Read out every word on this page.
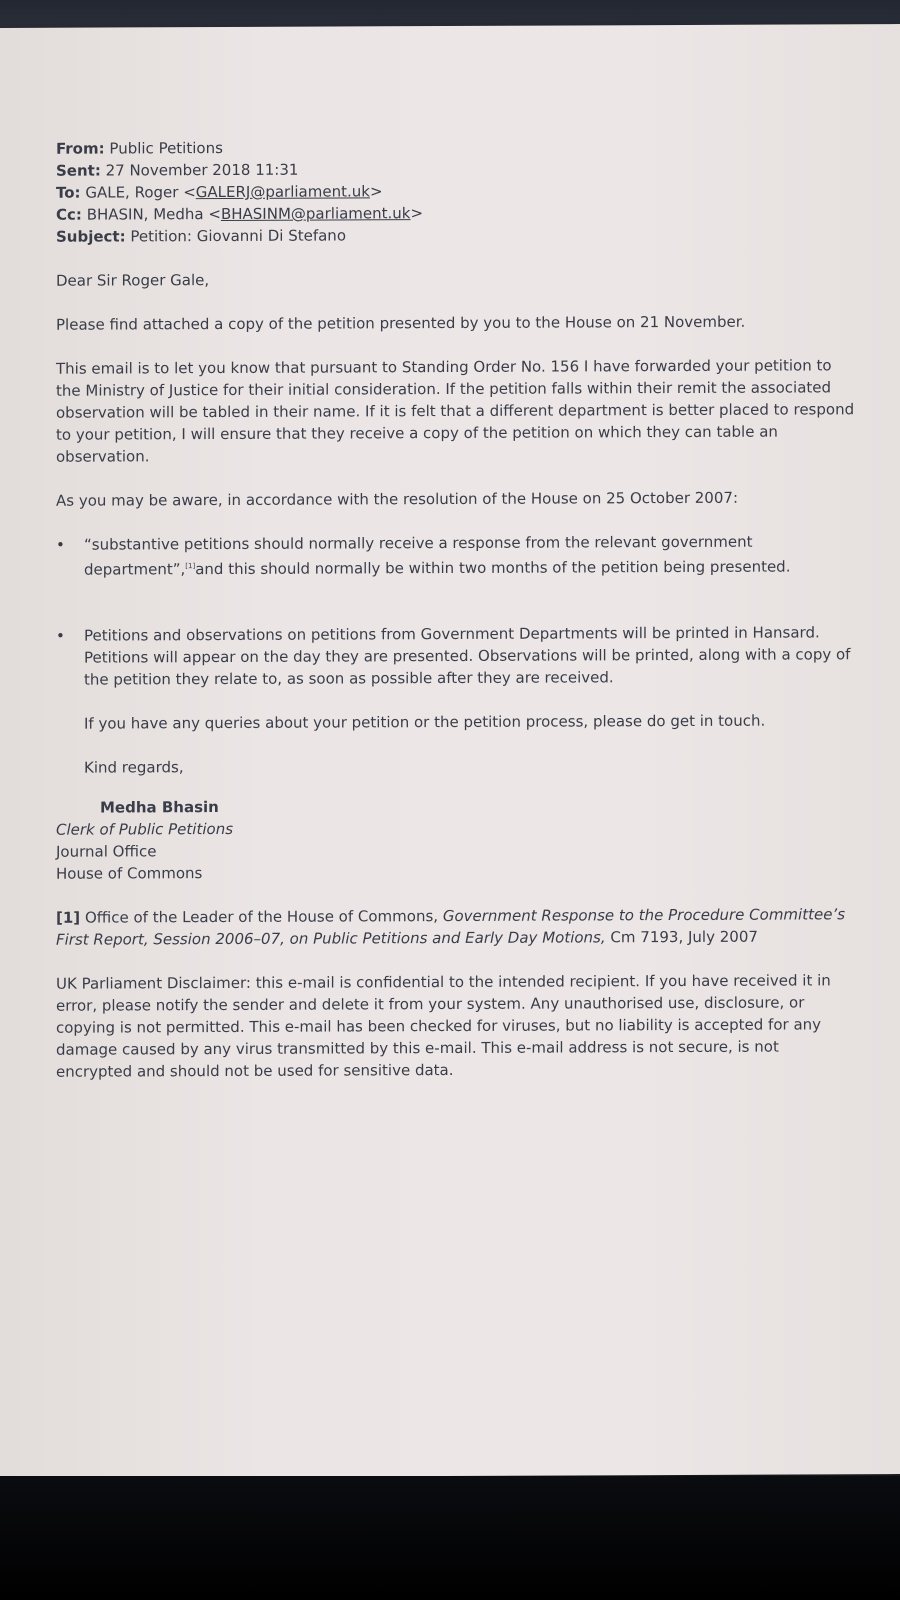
From: Public Petitions

Sent: 27 November 2018 11:31

To: GALE, Roger <GALERJ@parliament.uk>

Cc: BHASIN, Medha <BHASINM@parliament.uk>

Subject: Petition: Giovanni Di Stefano

Dear Sir Roger Gale,

Please find attached a copy of the petition presented by you to the House on 21 November.

This email is to let you know that pursuant to Standing Order No. 156 I have forwarded your petition to the Ministry of Justice for their initial consideration. If the petition falls within their remit the associated observation will be tabled in their name. If it is felt that a different department is better placed to respond to your petition, I will ensure that they receive a copy of the petition on which they can table an observation.

As you may be aware, in accordance with the resolution of the House on 25 October 2007:

• “substantive petitions should normally receive a response from the relevant government department”,[1]and this should normally be within two months of the petition being presented.
• Petitions and observations on petitions from Government Departments will be printed in Hansard. Petitions will appear on the day they are presented. Observations will be printed, along with a copy of the petition they relate to, as soon as possible after they are received.

If you have any queries about your petition or the petition process, please do get in touch.

Kind regards,

Medha Bhasin

Clerk of Public Petitions

Journal Office

House of Commons

[1] Office of the Leader of the House of Commons, Government Response to the Procedure Committee’s First Report, Session 2006–07, on Public Petitions and Early Day Motions, Cm 7193, July 2007

UK Parliament Disclaimer: this e-mail is confidential to the intended recipient. If you have received it in error, please notify the sender and delete it from your system. Any unauthorised use, disclosure, or copying is not permitted. This e-mail has been checked for viruses, but no liability is accepted for any damage caused by any virus transmitted by this e-mail. This e-mail address is not secure, is not encrypted and should not be used for sensitive data.
